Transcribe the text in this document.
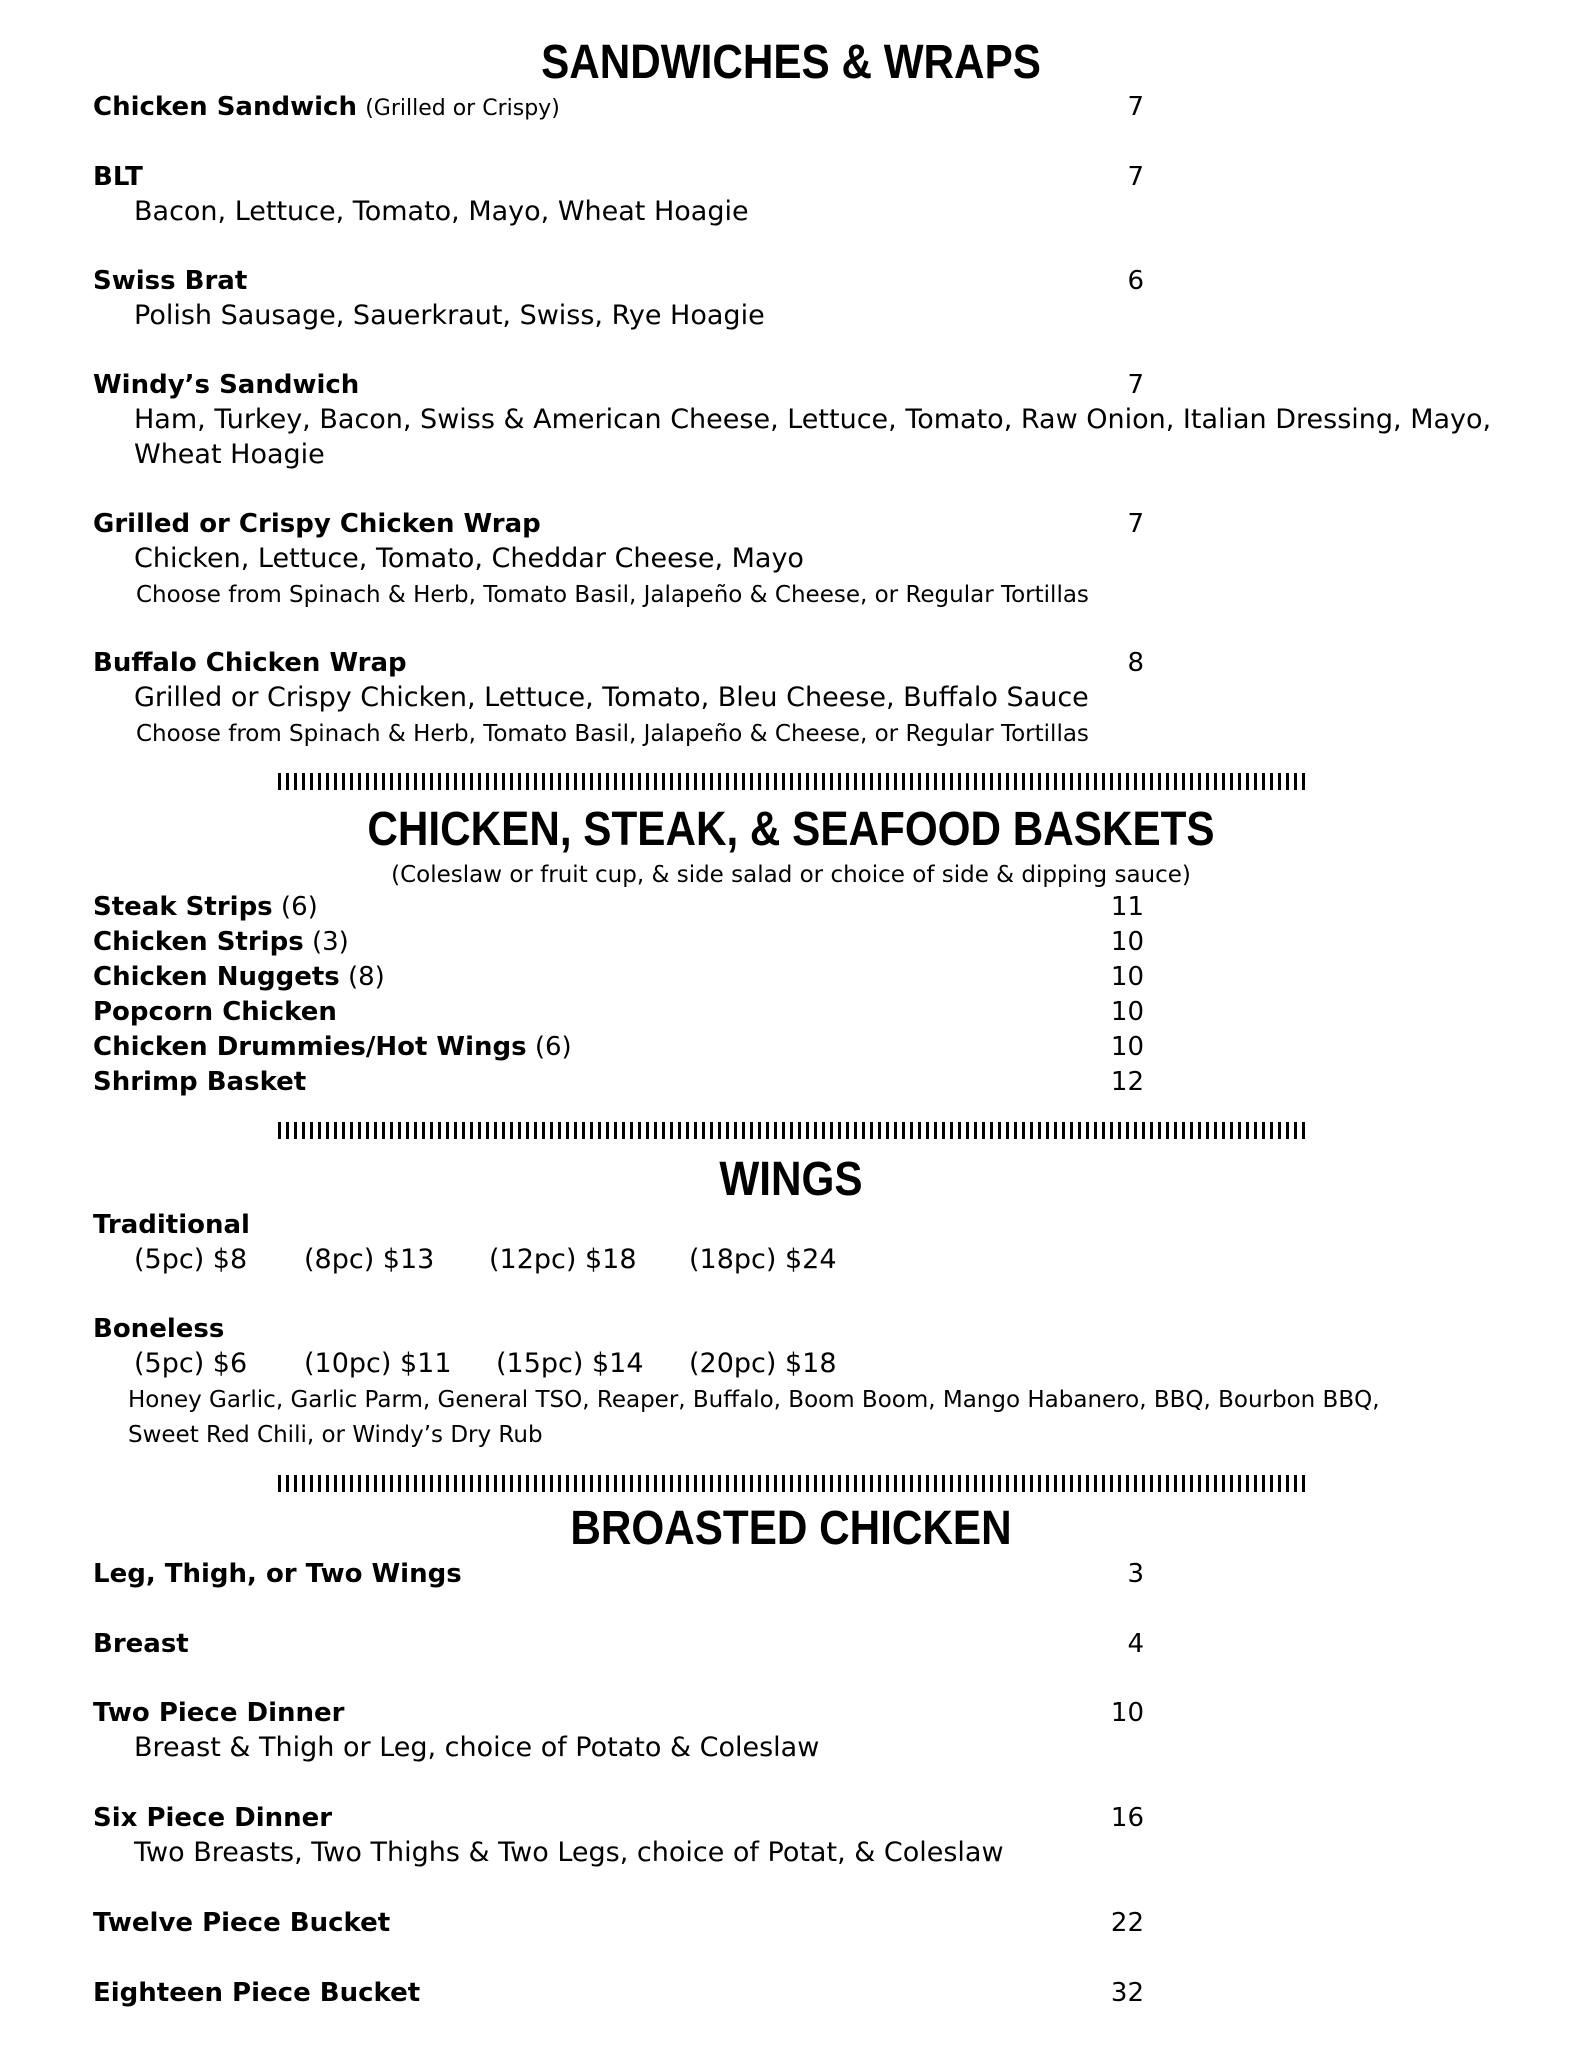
SANDWICHES & WRAPS
Chicken Sandwich (Grilled or Crispy)	7
BLT	7
Bacon, Lettuce, Tomato, Mayo, Wheat Hoagie
Swiss Brat	6
Polish Sausage, Sauerkraut, Swiss, Rye Hoagie
Windy’s Sandwich	7
Ham, Turkey, Bacon, Swiss & American Cheese, Lettuce, Tomato, Raw Onion, Italian Dressing, Mayo,
Wheat Hoagie
Grilled or Crispy Chicken Wrap	7
Chicken, Lettuce, Tomato, Cheddar Cheese, Mayo
Choose from Spinach & Herb, Tomato Basil, Jalapeño & Cheese, or Regular Tortillas
Buffalo Chicken Wrap	8
Grilled or Crispy Chicken, Lettuce, Tomato, Bleu Cheese, Buffalo Sauce
Choose from Spinach & Herb, Tomato Basil, Jalapeño & Cheese, or Regular Tortillas
CHICKEN, STEAK, & SEAFOOD BASKETS
(Coleslaw or fruit cup, & side salad or choice of side & dipping sauce)
Steak Strips (6)	11
Chicken Strips (3)	10
Chicken Nuggets (8)	10
Popcorn Chicken	10
Chicken Drummies/Hot Wings (6)	10
Shrimp Basket	12
WINGS
Traditional
(5pc) $8 (8pc) $13 (12pc) $18 (18pc) $24
Boneless
(5pc) $6 (10pc) $11 (15pc) $14 (20pc) $18
Honey Garlic, Garlic Parm, General TSO, Reaper, Buffalo, Boom Boom, Mango Habanero, BBQ, Bourbon BBQ,
Sweet Red Chili, or Windy’s Dry Rub
BROASTED CHICKEN
Leg, Thigh, or Two Wings	3
Breast	4
Two Piece Dinner	10
Breast & Thigh or Leg, choice of Potato & Coleslaw
Six Piece Dinner	16
Two Breasts, Two Thighs & Two Legs, choice of Potat, & Coleslaw
Twelve Piece Bucket	22
Eighteen Piece Bucket	32
